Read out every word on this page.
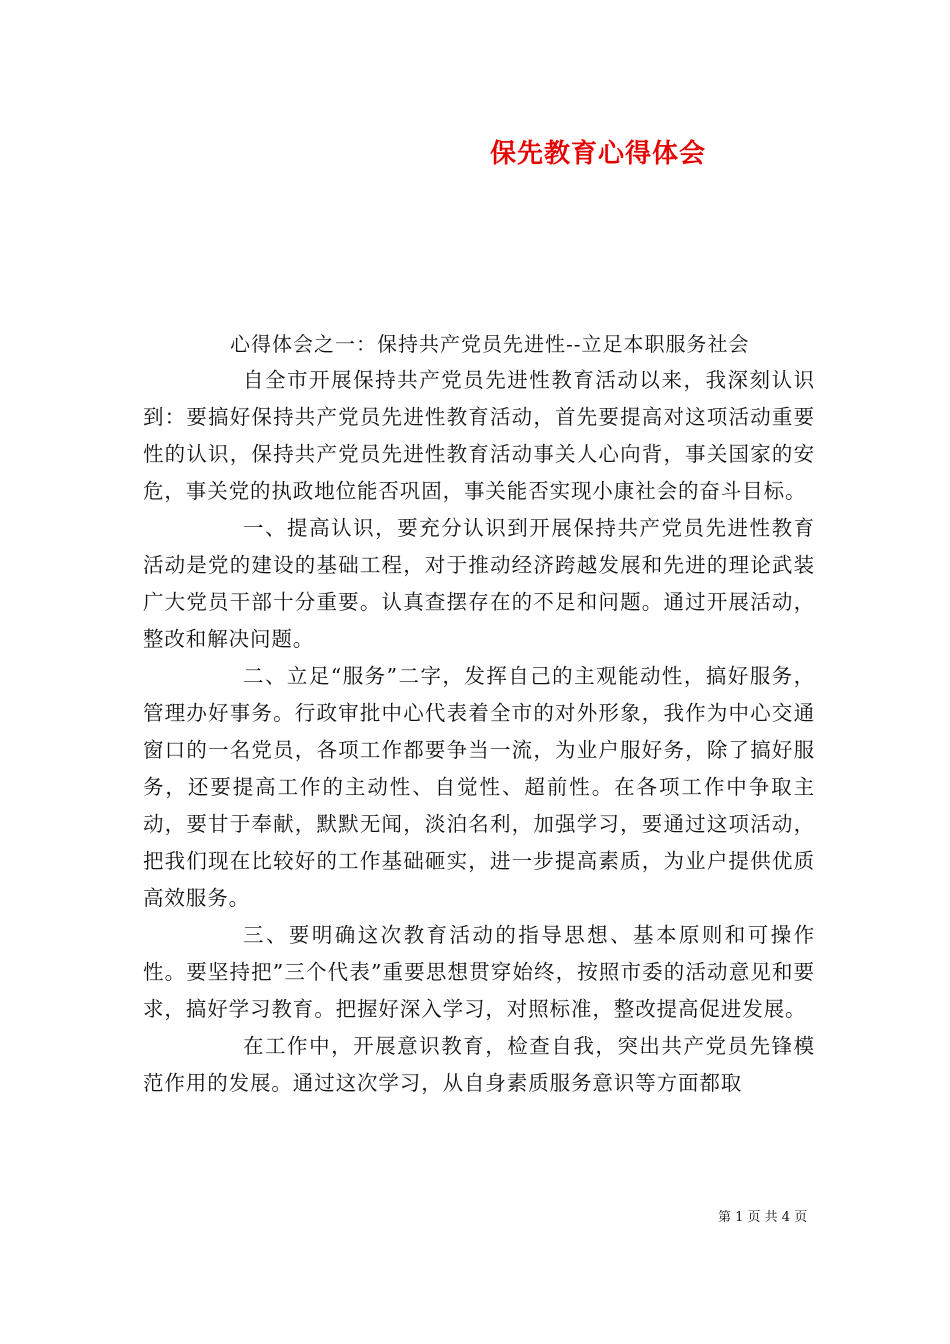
保先教育心得体会
心得体会之一：保持共产党员先进性--立足本职服务社会

自全市开展保持共产党员先进性教育活动以来，我深刻认识到：要搞好保持共产党员先进性教育活动，首先要提高对这项活动重要性的认识，保持共产党员先进性教育活动事关人心向背，事关国家的安危，事关党的执政地位能否巩固，事关能否实现小康社会的奋斗目标。

一、提高认识，要充分认识到开展保持共产党员先进性教育活动是党的建设的基础工程，对于推动经济跨越发展和先进的理论武装广大党员干部十分重要。认真查摆存在的不足和问题。通过开展活动，整改和解决问题。

二、立足“服务”二字，发挥自己的主观能动性，搞好服务，管理办好事务。行政审批中心代表着全市的对外形象，我作为中心交通窗口的一名党员，各项工作都要争当一流，为业户服好务，除了搞好服务，还要提高工作的主动性、自觉性、超前性。在各项工作中争取主动，要甘于奉献，默默无闻，淡泊名利，加强学习，要通过这项活动，把我们现在比较好的工作基础砸实，进一步提高素质，为业户提供优质高效服务。

三、要明确这次教育活动的指导思想、基本原则和可操作性。要坚持把”三个代表”重要思想贯穿始终，按照市委的活动意见和要求，搞好学习教育。把握好深入学习，对照标准，整改提高促进发展。

在工作中，开展意识教育，检查自我，突出共产党员先锋模范作用的发展。通过这次学习，从自身素质服务意识等方面都取

第 1 页 共 4 页
